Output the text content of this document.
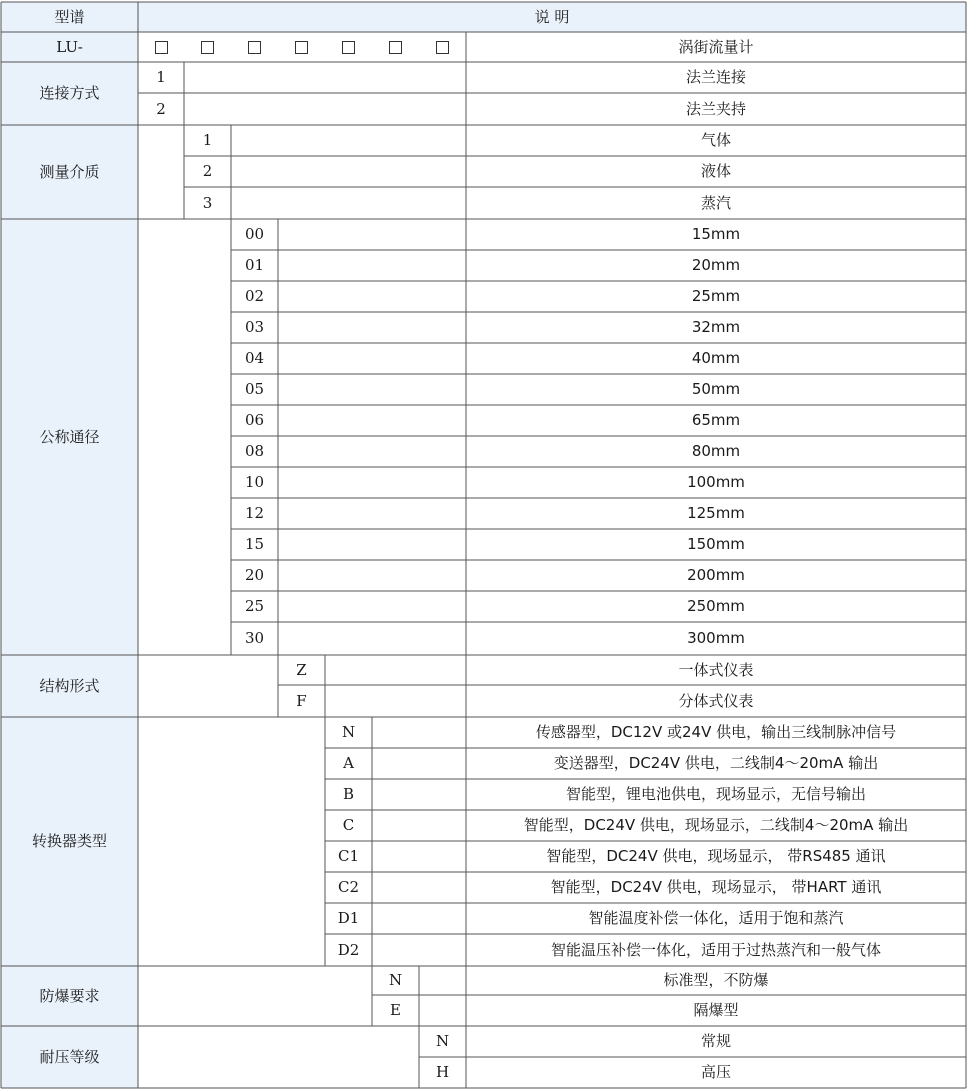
型谱	说 明
LU-	涡街流量计
连接方式
1	法兰连接
2	法兰夹持
测量介质
1	气体
2	液体
3	蒸汽
公称通径
00	15mm
01	20mm
02	25mm
03	32mm
04	40mm
05	50mm
06	65mm
08	80mm
10	100mm
12	125mm
15	150mm
20	200mm
25	250mm
30	300mm
结构形式
Z	一体式仪表
F	分体式仪表
转换器类型
N	传感器型，DC12V 或24V 供电，输出三线制脉冲信号
A	变送器型，DC24V 供电，二线制4～20mA 输出
B	智能型，锂电池供电，现场显示，无信号输出
C	智能型，DC24V 供电，现场显示，二线制4～20mA 输出
C1	智能型，DC24V 供电，现场显示， 带RS485 通讯
C2	智能型，DC24V 供电，现场显示， 带HART 通讯
D1	智能温度补偿一体化，适用于饱和蒸汽
D2	智能温压补偿一体化，适用于过热蒸汽和一般气体
防爆要求
N	标准型，不防爆
E	隔爆型
耐压等级
N	常规
H	高压
